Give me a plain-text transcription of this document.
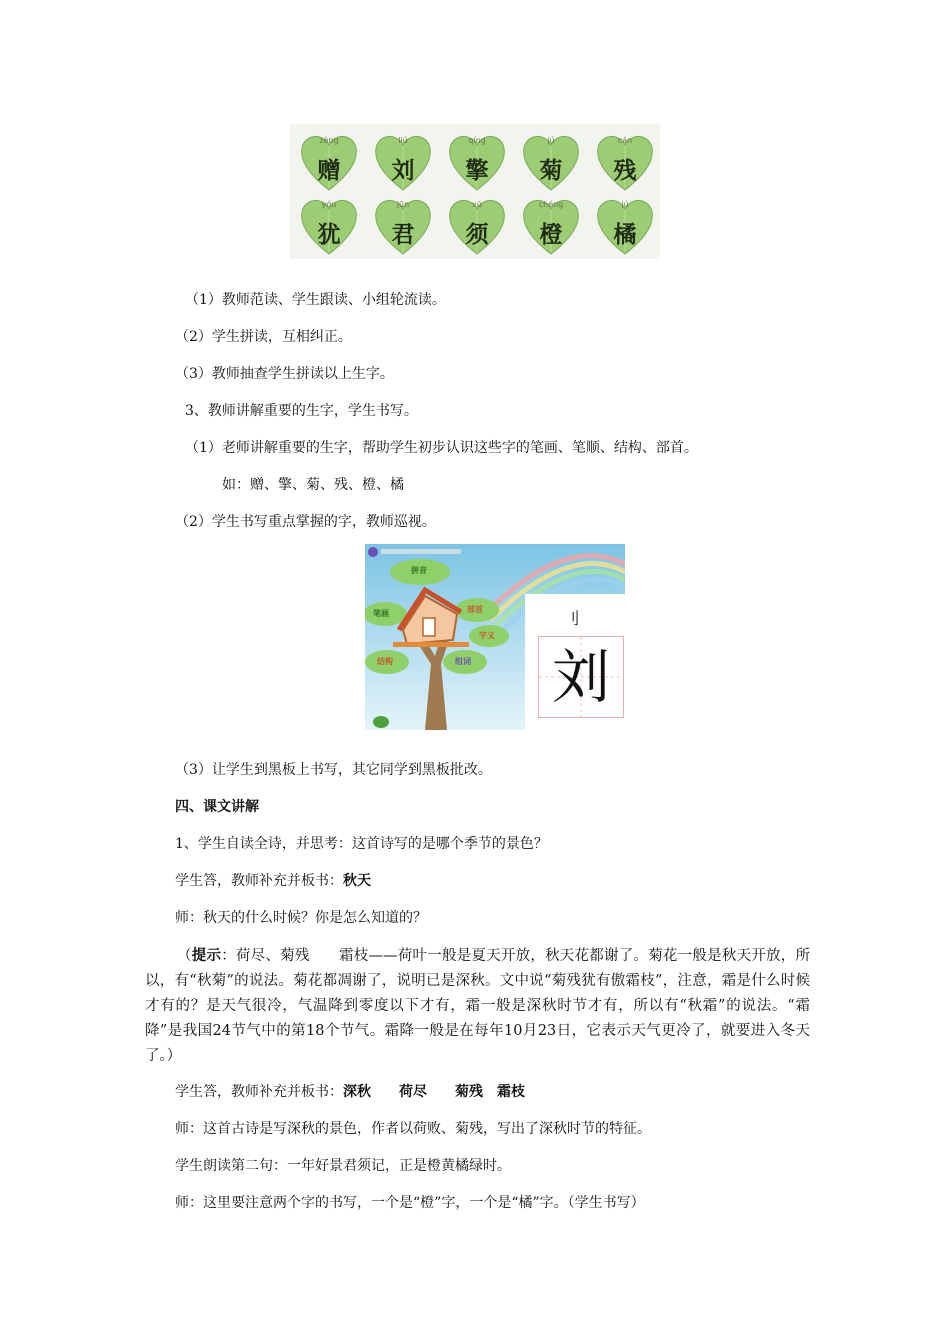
zèng
赠
liú
刘
qíng
擎
jú
菊
cán
残
yóu
犹
jūn
君
xū
须
chéng
橙
jú
橘
（1）教师范读、学生跟读、小组轮流读。
（2）学生拼读，互相纠正。
（3）教师抽查学生拼读以上生字。
3、教师讲解重要的生字，学生书写。
（1）老师讲解重要的生字，帮助学生初步认识这些字的笔画、笔顺、结构、部首。
如：赠、擎、菊、残、橙、橘
（2）学生书写重点掌握的字，教师巡视。
拼音
笔画	部首
字义
结构	组词
刂
刘
（3）让学生到黑板上书写，其它同学到黑板批改。
四、课文讲解
1、学生自读全诗，并思考：这首诗写的是哪个季节的景色？
学生答，教师补充并板书：秋天
师：秋天的什么时候？你是怎么知道的？
（提示：荷尽、菊残　　霜枝——荷叶一般是夏天开放，秋天花都谢了。菊花一般是秋天开放，所以，有“秋菊”的说法。菊花都凋谢了，说明已是深秋。文中说“菊残犹有傲霜枝”，注意，霜是什么时候才有的？是天气很冷，气温降到零度以下才有，霜一般是深秋时节才有，所以有“秋霜”的说法。“霜降”是我国24节气中的第18个节气。霜降一般是在每年10月23日，它表示天气更冷了，就要进入冬天了。）
学生答，教师补充并板书：深秋　　荷尽　　菊残　霜枝
师：这首古诗是写深秋的景色，作者以荷败、菊残，写出了深秋时节的特征。
学生朗读第二句：一年好景君须记，正是橙黄橘绿时。
师：这里要注意两个字的书写，一个是“橙”字，一个是“橘”字。（学生书写）
